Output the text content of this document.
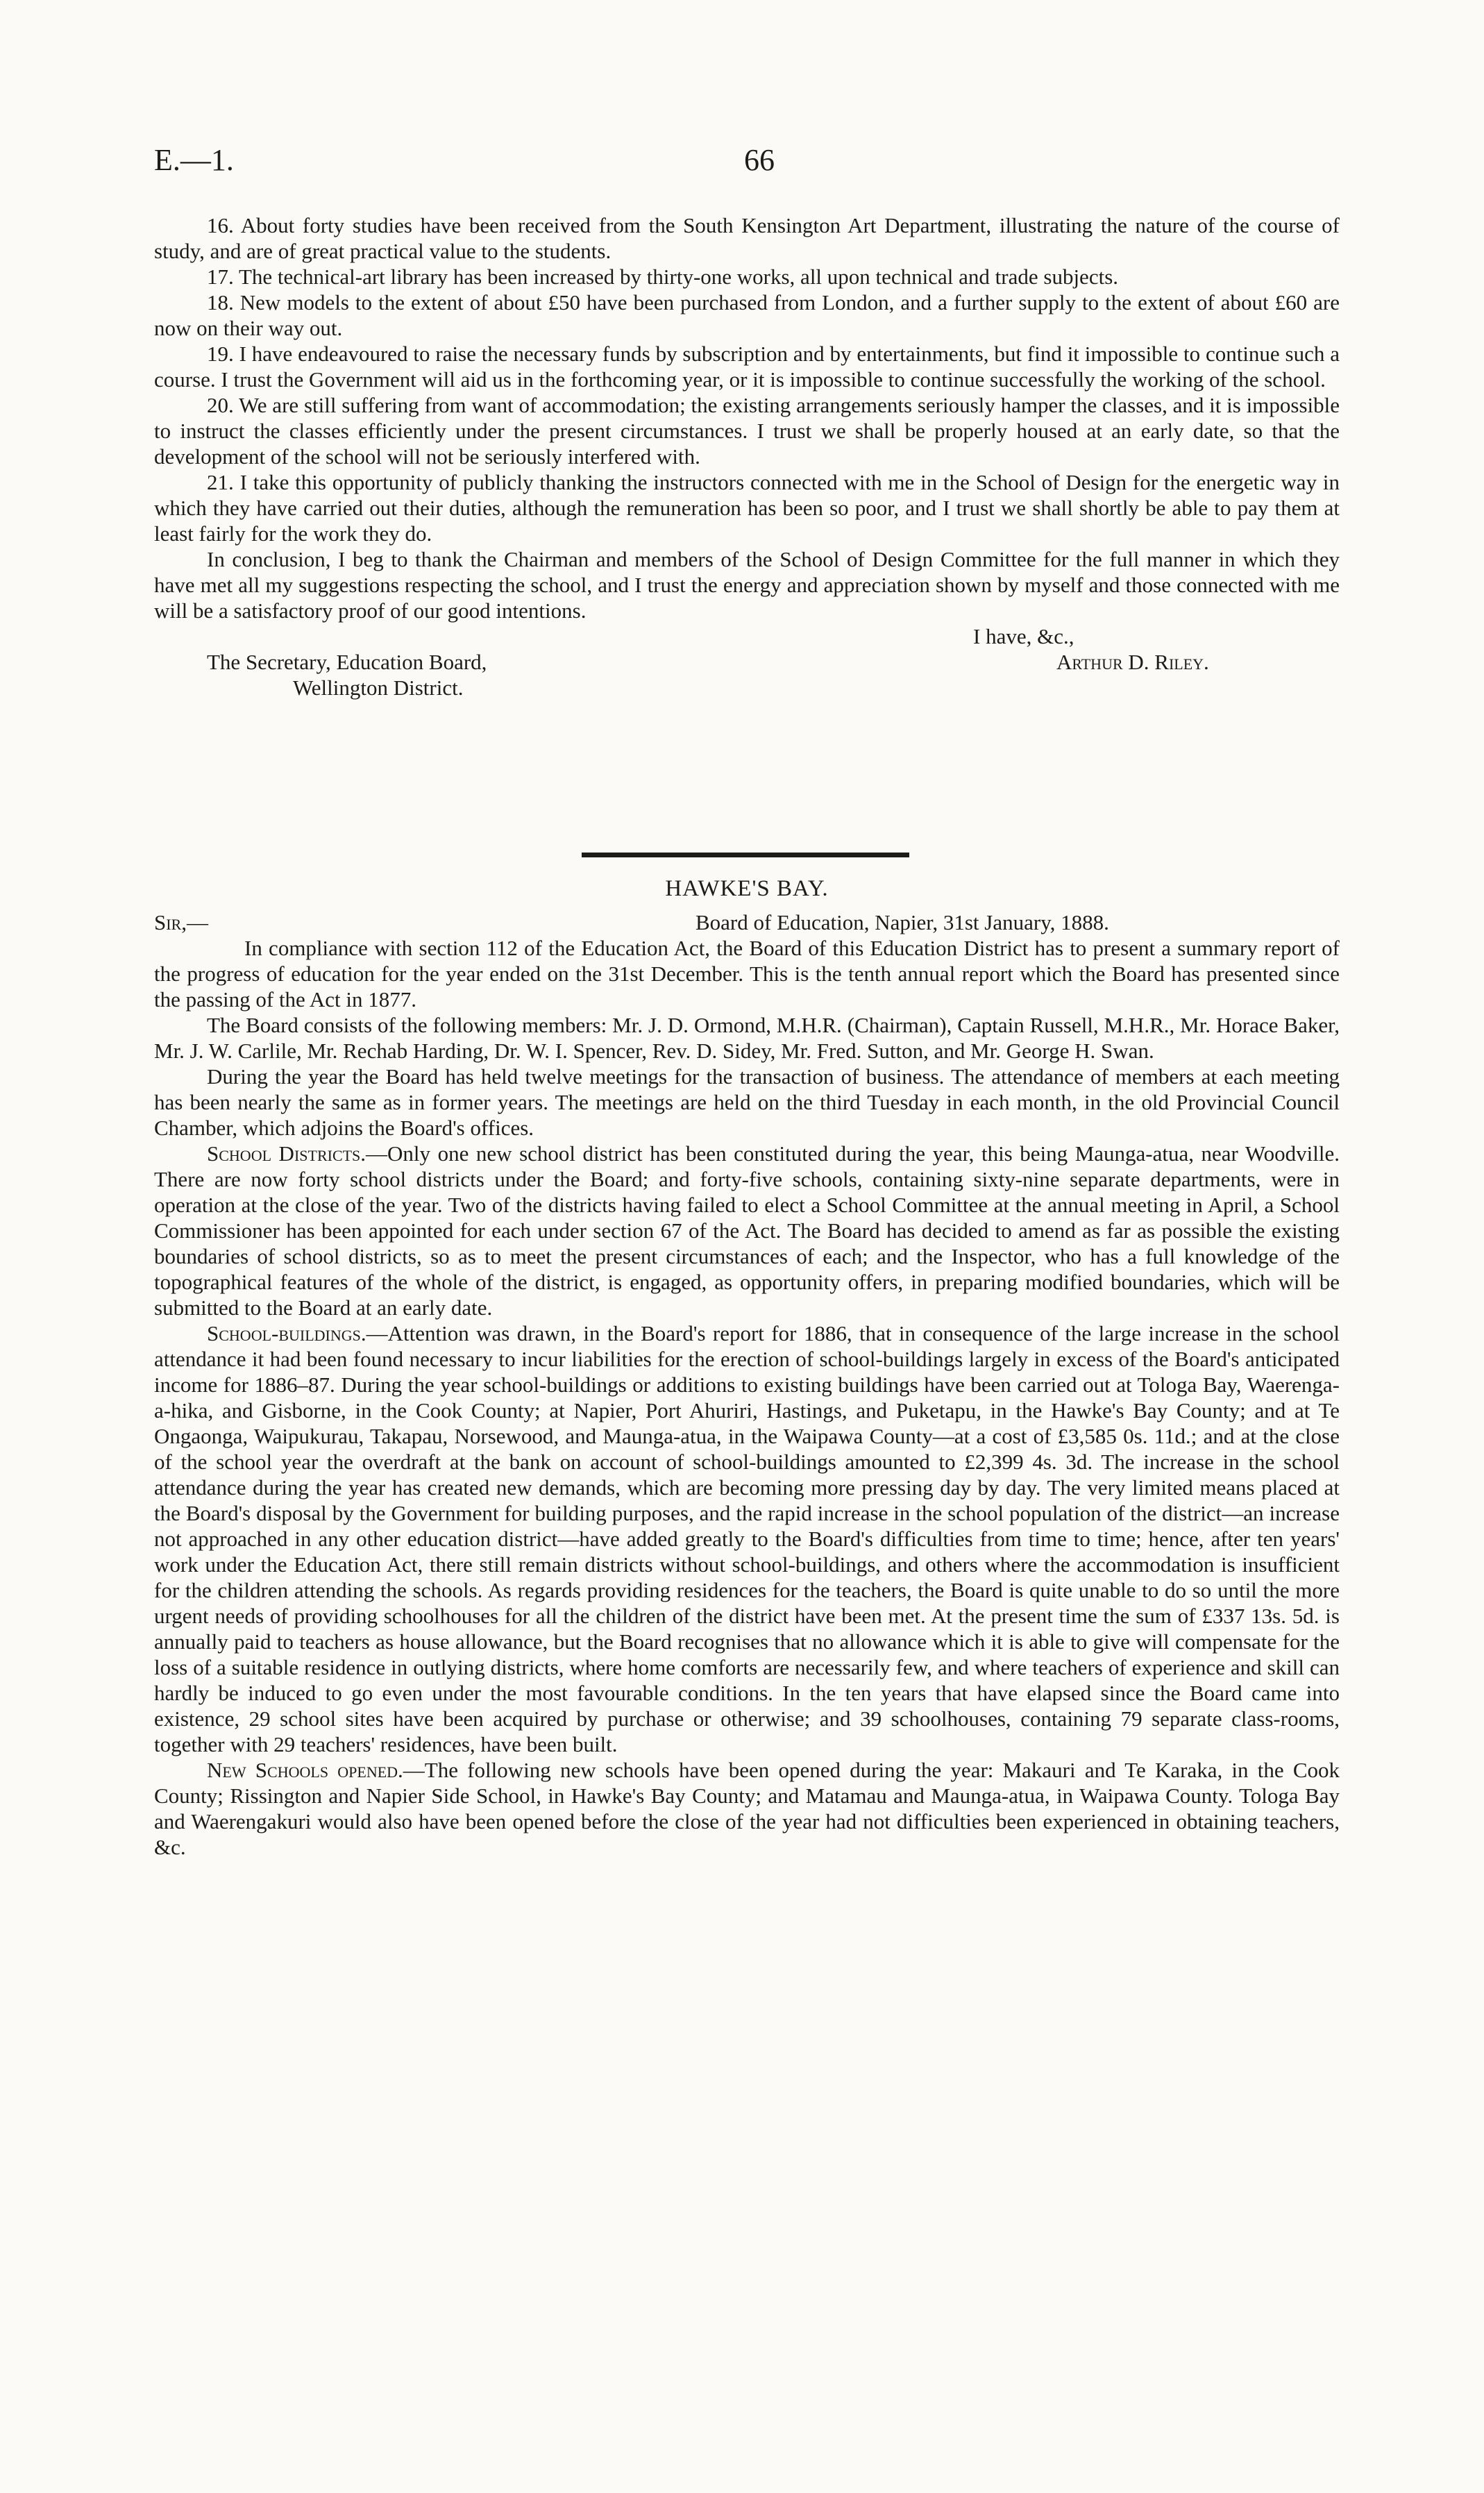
E.—1.	66

16. About forty studies have been received from the South Kensington Art Department, illustrating the nature of the course of study, and are of great practical value to the students.

17. The technical-art library has been increased by thirty-one works, all upon technical and trade subjects.

18. New models to the extent of about £50 have been purchased from London, and a further supply to the extent of about £60 are now on their way out.

19. I have endeavoured to raise the necessary funds by subscription and by entertainments, but find it impossible to continue such a course. I trust the Government will aid us in the forthcoming year, or it is impossible to continue successfully the working of the school.

20. We are still suffering from want of accommodation; the existing arrangements seriously hamper the classes, and it is impossible to instruct the classes efficiently under the present circumstances. I trust we shall be properly housed at an early date, so that the development of the school will not be seriously interfered with.

21. I take this opportunity of publicly thanking the instructors connected with me in the School of Design for the energetic way in which they have carried out their duties, although the remuneration has been so poor, and I trust we shall shortly be able to pay them at least fairly for the work they do.

In conclusion, I beg to thank the Chairman and members of the School of Design Committee for the full manner in which they have met all my suggestions respecting the school, and I trust the energy and appreciation shown by myself and those connected with me will be a satisfactory proof of our good intentions.

I have, &c.,
The Secretary, Education Board,	Arthur D. Riley.
Wellington District.
HAWKE'S BAY.
Sir,—	Board of Education, Napier, 31st January, 1888.

In compliance with section 112 of the Education Act, the Board of this Education District has to present a summary report of the progress of education for the year ended on the 31st December. This is the tenth annual report which the Board has presented since the passing of the Act in 1877.

The Board consists of the following members: Mr. J. D. Ormond, M.H.R. (Chairman), Captain Russell, M.H.R., Mr. Horace Baker, Mr. J. W. Carlile, Mr. Rechab Harding, Dr. W. I. Spencer, Rev. D. Sidey, Mr. Fred. Sutton, and Mr. George H. Swan.

During the year the Board has held twelve meetings for the transaction of business. The attendance of members at each meeting has been nearly the same as in former years. The meetings are held on the third Tuesday in each month, in the old Provincial Council Chamber, which adjoins the Board's offices.

School Districts.—Only one new school district has been constituted during the year, this being Maunga-atua, near Woodville. There are now forty school districts under the Board; and forty-five schools, containing sixty-nine separate departments, were in operation at the close of the year. Two of the districts having failed to elect a School Committee at the annual meeting in April, a School Commissioner has been appointed for each under section 67 of the Act. The Board has decided to amend as far as possible the existing boundaries of school districts, so as to meet the present circumstances of each; and the Inspector, who has a full knowledge of the topographical features of the whole of the district, is engaged, as opportunity offers, in preparing modified boundaries, which will be submitted to the Board at an early date.

School-buildings.—Attention was drawn, in the Board's report for 1886, that in consequence of the large increase in the school attendance it had been found necessary to incur liabilities for the erection of school-buildings largely in excess of the Board's anticipated income for 1886–87. During the year school-buildings or additions to existing buildings have been carried out at Tologa Bay, Waerenga-a-hika, and Gisborne, in the Cook County; at Napier, Port Ahuriri, Hastings, and Puketapu, in the Hawke's Bay County; and at Te Ongaonga, Waipukurau, Takapau, Norsewood, and Maunga-atua, in the Waipawa County—at a cost of £3,585 0s. 11d.; and at the close of the school year the overdraft at the bank on account of school-buildings amounted to £2,399 4s. 3d. The increase in the school attendance during the year has created new demands, which are becoming more pressing day by day. The very limited means placed at the Board's disposal by the Government for building purposes, and the rapid increase in the school population of the district—an increase not approached in any other education district—have added greatly to the Board's difficulties from time to time; hence, after ten years' work under the Education Act, there still remain districts without school-buildings, and others where the accommodation is insufficient for the children attending the schools. As regards providing residences for the teachers, the Board is quite unable to do so until the more urgent needs of providing schoolhouses for all the children of the district have been met. At the present time the sum of £337 13s. 5d. is annually paid to teachers as house allowance, but the Board recognises that no allowance which it is able to give will compensate for the loss of a suitable residence in outlying districts, where home comforts are necessarily few, and where teachers of experience and skill can hardly be induced to go even under the most favourable conditions. In the ten years that have elapsed since the Board came into existence, 29 school sites have been acquired by purchase or otherwise; and 39 schoolhouses, containing 79 separate class-rooms, together with 29 teachers' residences, have been built.

New Schools opened.—The following new schools have been opened during the year: Makauri and Te Karaka, in the Cook County; Rissington and Napier Side School, in Hawke's Bay County; and Matamau and Maunga-atua, in Waipawa County. Tologa Bay and Waerengakuri would also have been opened before the close of the year had not difficulties been experienced in obtaining teachers, &c.
